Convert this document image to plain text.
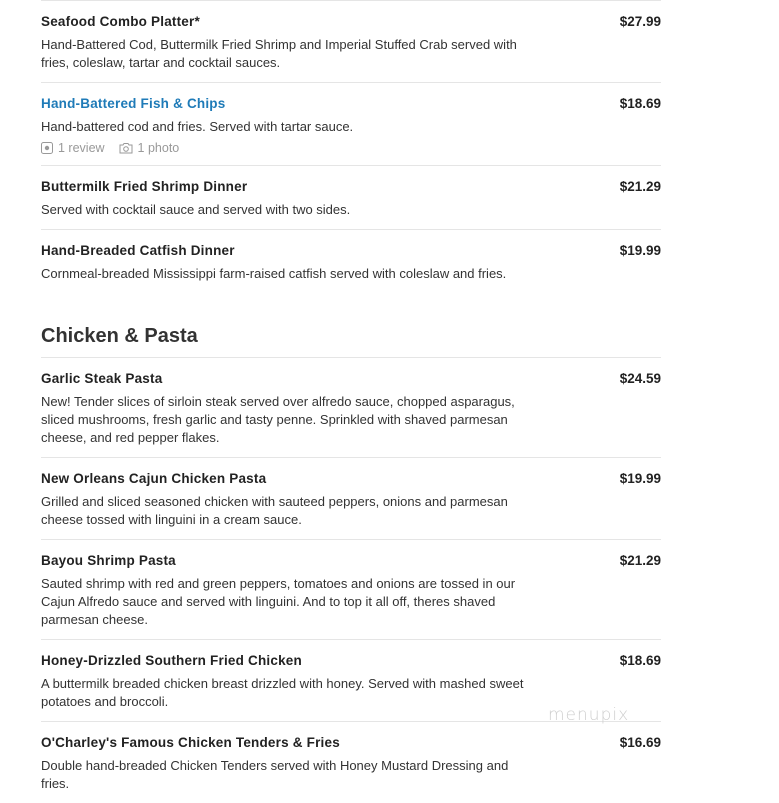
Seafood Combo Platter*	$27.99
Hand-Battered Cod, Buttermilk Fried Shrimp and Imperial Stuffed Crab served with fries, coleslaw, tartar and cocktail sauces.
Hand-Battered Fish & Chips	$18.69
Hand-battered cod and fries. Served with tartar sauce.
1 review	1 photo
Buttermilk Fried Shrimp Dinner	$21.29
Served with cocktail sauce and served with two sides.
Hand-Breaded Catfish Dinner	$19.99
Cornmeal-breaded Mississippi farm-raised catfish served with coleslaw and fries.
Chicken & Pasta
Garlic Steak Pasta	$24.59
New! Tender slices of sirloin steak served over alfredo sauce, chopped asparagus, sliced mushrooms, fresh garlic and tasty penne. Sprinkled with shaved parmesan cheese, and red pepper flakes.
New Orleans Cajun Chicken Pasta	$19.99
Grilled and sliced seasoned chicken with sauteed peppers, onions and parmesan cheese tossed with linguini in a cream sauce.
Bayou Shrimp Pasta	$21.29
Sauted shrimp with red and green peppers, tomatoes and onions are tossed in our Cajun Alfredo sauce and served with linguini. And to top it all off, theres shaved parmesan cheese.
Honey-Drizzled Southern Fried Chicken	$18.69
A buttermilk breaded chicken breast drizzled with honey. Served with mashed sweet potatoes and broccoli.
O'Charley's Famous Chicken Tenders & Fries	$16.69
Double hand-breaded Chicken Tenders served with Honey Mustard Dressing and fries.
menupix
